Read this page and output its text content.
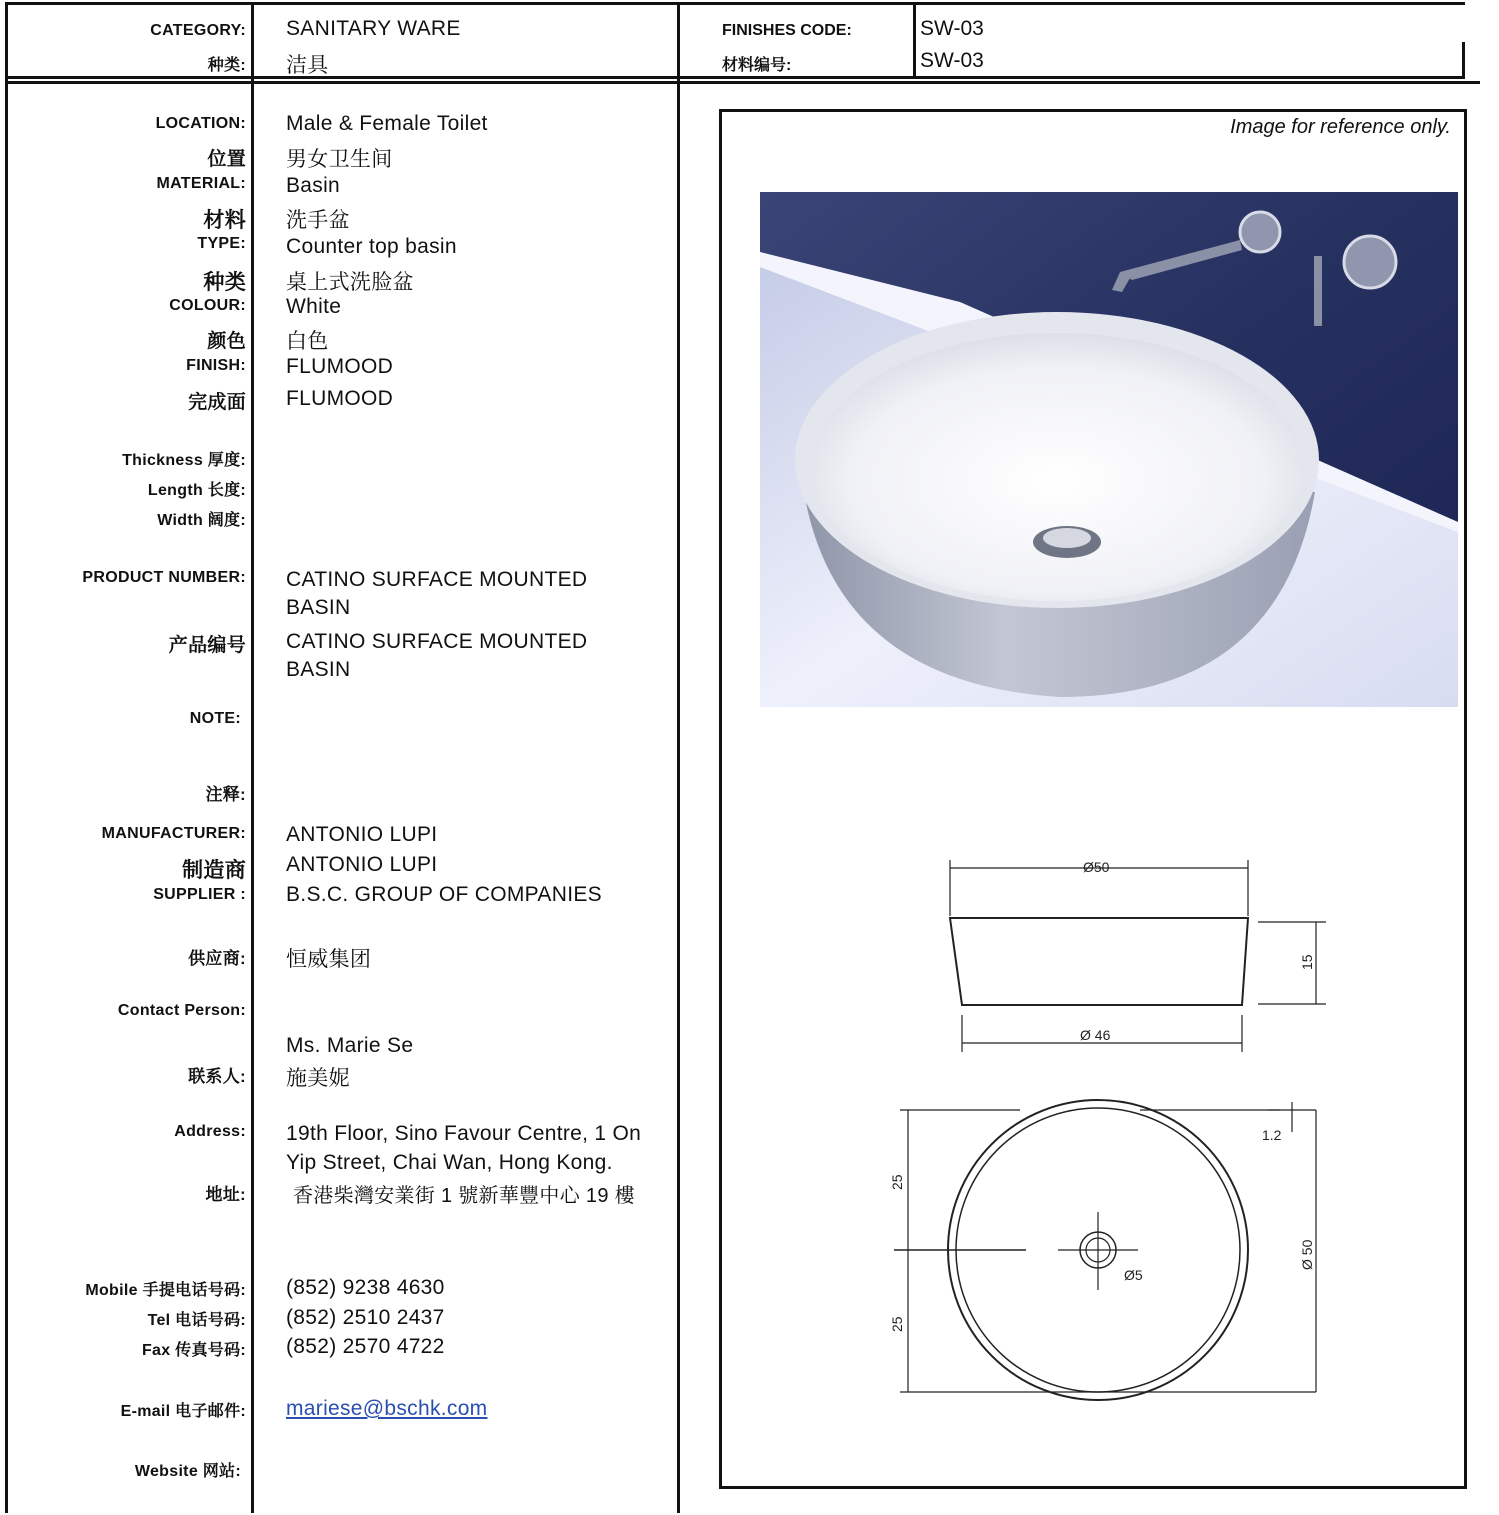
CATEGORY:
种类:
SANITARY WARE
洁具
FINISHES CODE:
材料编号:
SW-03
SW-03
LOCATION: Male & Female Toilet
位置 男女卫生间
MATERIAL: Basin
材料 洗手盆
TYPE: Counter top basin
种类 桌上式洗脸盆
COLOUR: White
颜色 白色
FINISH: FLUMOOD
完成面 FLUMOOD
Thickness 厚度:
Length 长度:
Width 阔度:
PRODUCT NUMBER: CATINO SURFACE MOUNTED
BASIN
产品编号 CATINO SURFACE MOUNTED
BASIN
NOTE:
注释:
MANUFACTURER: ANTONIO LUPI
制造商 ANTONIO LUPI
SUPPLIER : B.S.C. GROUP OF COMPANIES
供应商: 恒威集团
Contact Person:
Ms. Marie Se
联系人: 施美妮
Address: 19th Floor, Sino Favour Centre, 1 On
Yip Street, Chai Wan, Hong Kong.
地址: 香港柴灣安業街 1 號新華豐中心 19 樓
Mobile 手提电话号码: (852) 9238 4630
Tel 电话号码: (852) 2510 2437
Fax 传真号码: (852) 2570 4722
E-mail 电子邮件: mariese@bschk.com
Website 网站:
Image for reference only.
Ø50
15
Ø 46
1.2
25
25
Ø5
Ø 50
